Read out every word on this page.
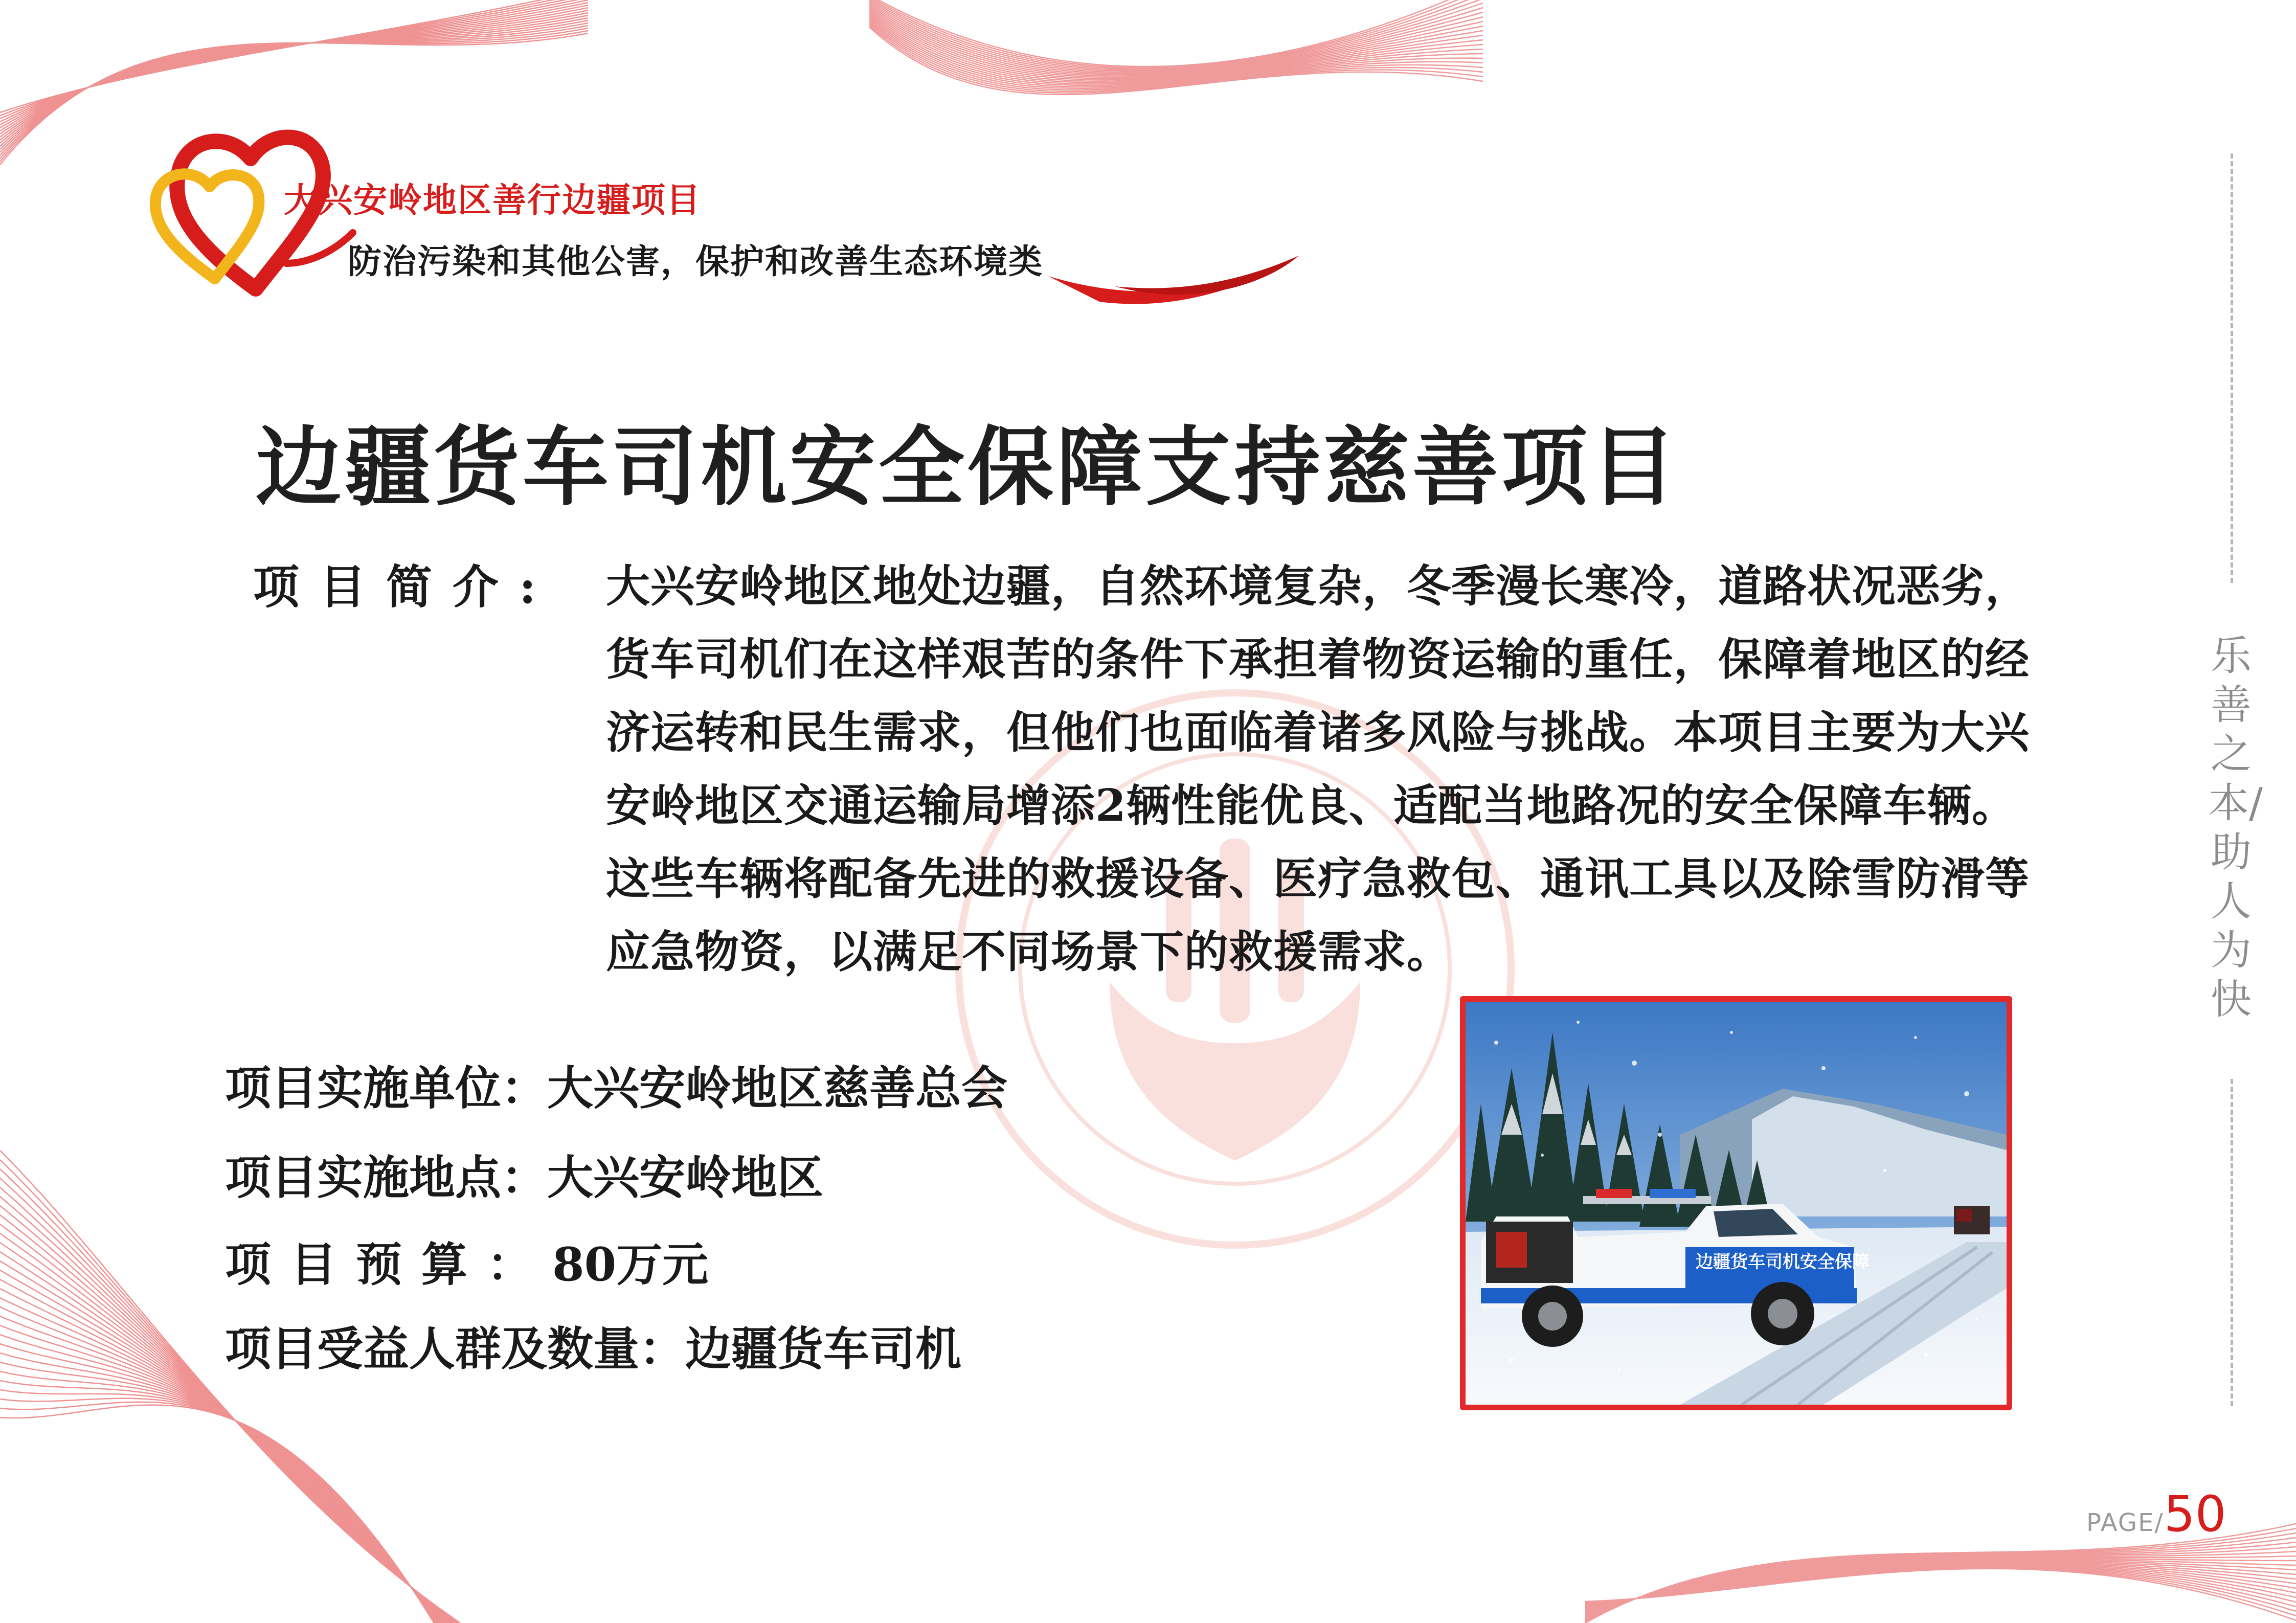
大兴安岭地区善行边疆项目
防治污染和其他公害，保护和改善生态环境类
边疆货车司机安全保障支持慈善项目
项目简介: 大兴安岭地区地处边疆，自然环境复杂，冬季漫长寒冷，道路状况恶劣，货车司机们在这样艰苦的条件下承担着物资运输的重任，保障着地区的经济运转和民生需求，但他们也面临着诸多风险与挑战。本项目主要为大兴安岭地区交通运输局增添2辆性能优良、适配当地路况的安全保障车辆。这些车辆将配备先进的救援设备、医疗急救包、通讯工具以及除雪防滑等应急物资，以满足不同场景下的救援需求。
项目实施单位：大兴安岭地区慈善总会
项目实施地点：大兴安岭地区
项目预算：80万元
项目受益人群及数量：边疆货车司机
边疆货车司机安全保障
乐善之本/助人为快
PAGE/50
